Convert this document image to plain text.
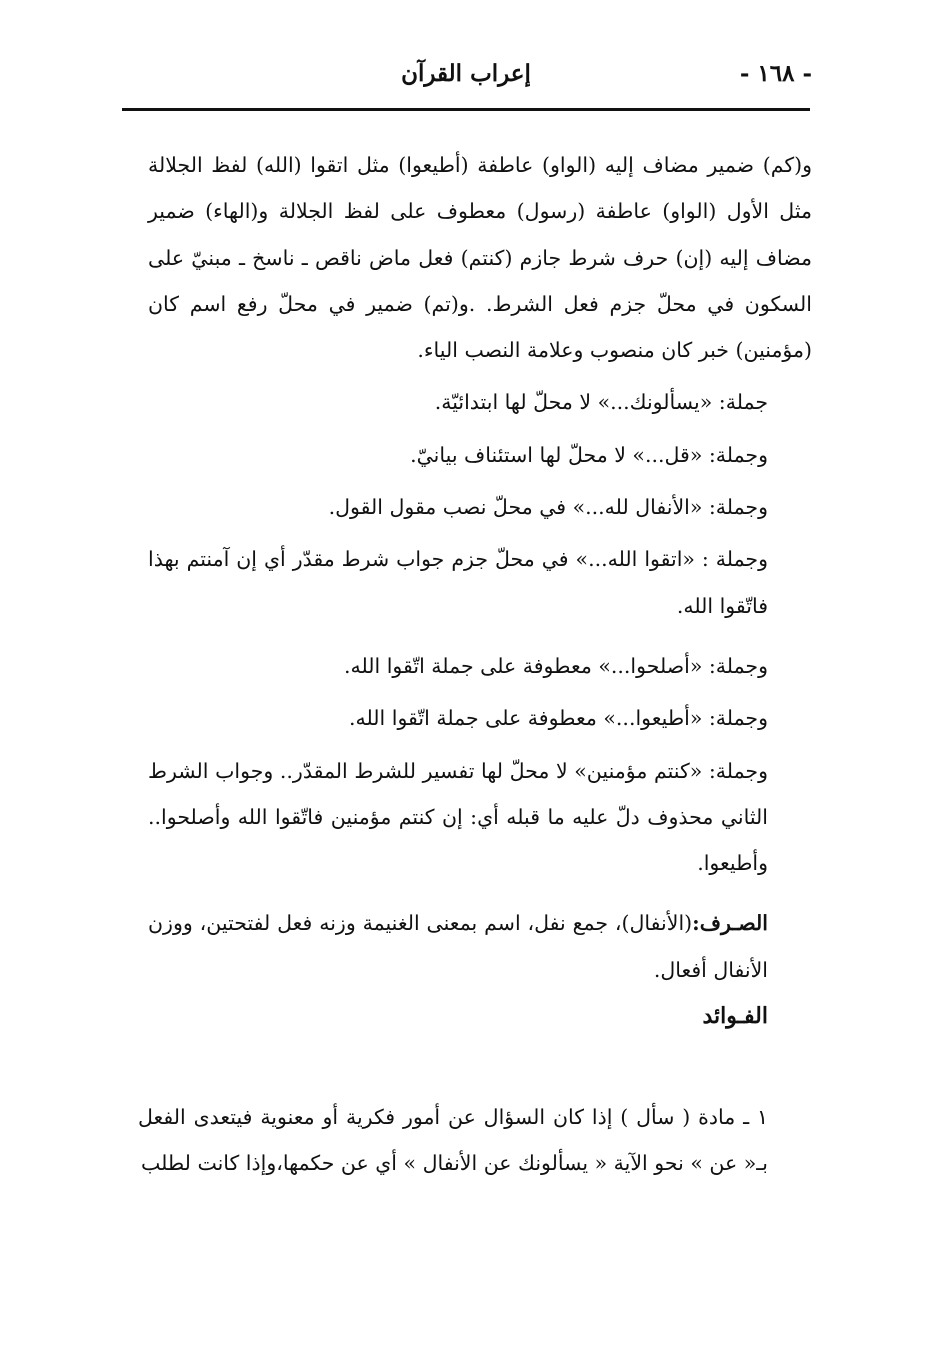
إعراب القرآن	- ١٦٨ -

و(كم) ضمير مضاف إليه (الواو) عاطفة (أطيعوا) مثل اتقوا (الله) لفظ الجلالة مثل الأول (الواو) عاطفة (رسول) معطوف على لفظ الجلالة و(الهاء) ضمير مضاف إليه (إن) حرف شرط جازم (كنتم) فعل ماض ناقص ـ ناسخ ـ مبنيّ على السكون في محلّ جزم فعل الشرط. .و(تم) ضمير في محلّ رفع اسم كان (مؤمنين) خبر كان منصوب وعلامة النصب الياء.

جملة: «يسألونك...» لا محلّ لها ابتدائيّة.

وجملة: «قل...» لا محلّ لها استئناف بيانيّ.

وجملة: «الأنفال لله...» في محلّ نصب مقول القول.

وجملة : «اتقوا الله...» في محلّ جزم جواب شرط مقدّر أي إن آمنتم بهذا فاتّقوا الله.

وجملة: «أصلحوا...» معطوفة على جملة اتّقوا الله.

وجملة: «أطيعوا...» معطوفة على جملة اتّقوا الله.

وجملة: «كنتم مؤمنين» لا محلّ لها تفسير للشرط المقدّر.. وجواب الشرط الثاني محذوف دلّ عليه ما قبله أي: إن كنتم مؤمنين فاتّقوا الله وأصلحوا.. وأطيعوا.

الصـرف:(الأنفال)، جمع نفل، اسم بمعنى الغنيمة وزنه فعل لفتحتين، ووزن الأنفال أفعال.

الفـوائد

١ ـ مادة ( سأل ) إذا كان السؤال عن أمور فكرية أو معنوية فيتعدى الفعل بـ« عن » نحو الآية « يسألونك عن الأنفال » أي عن حكمها،وإذا كانت لطلب
